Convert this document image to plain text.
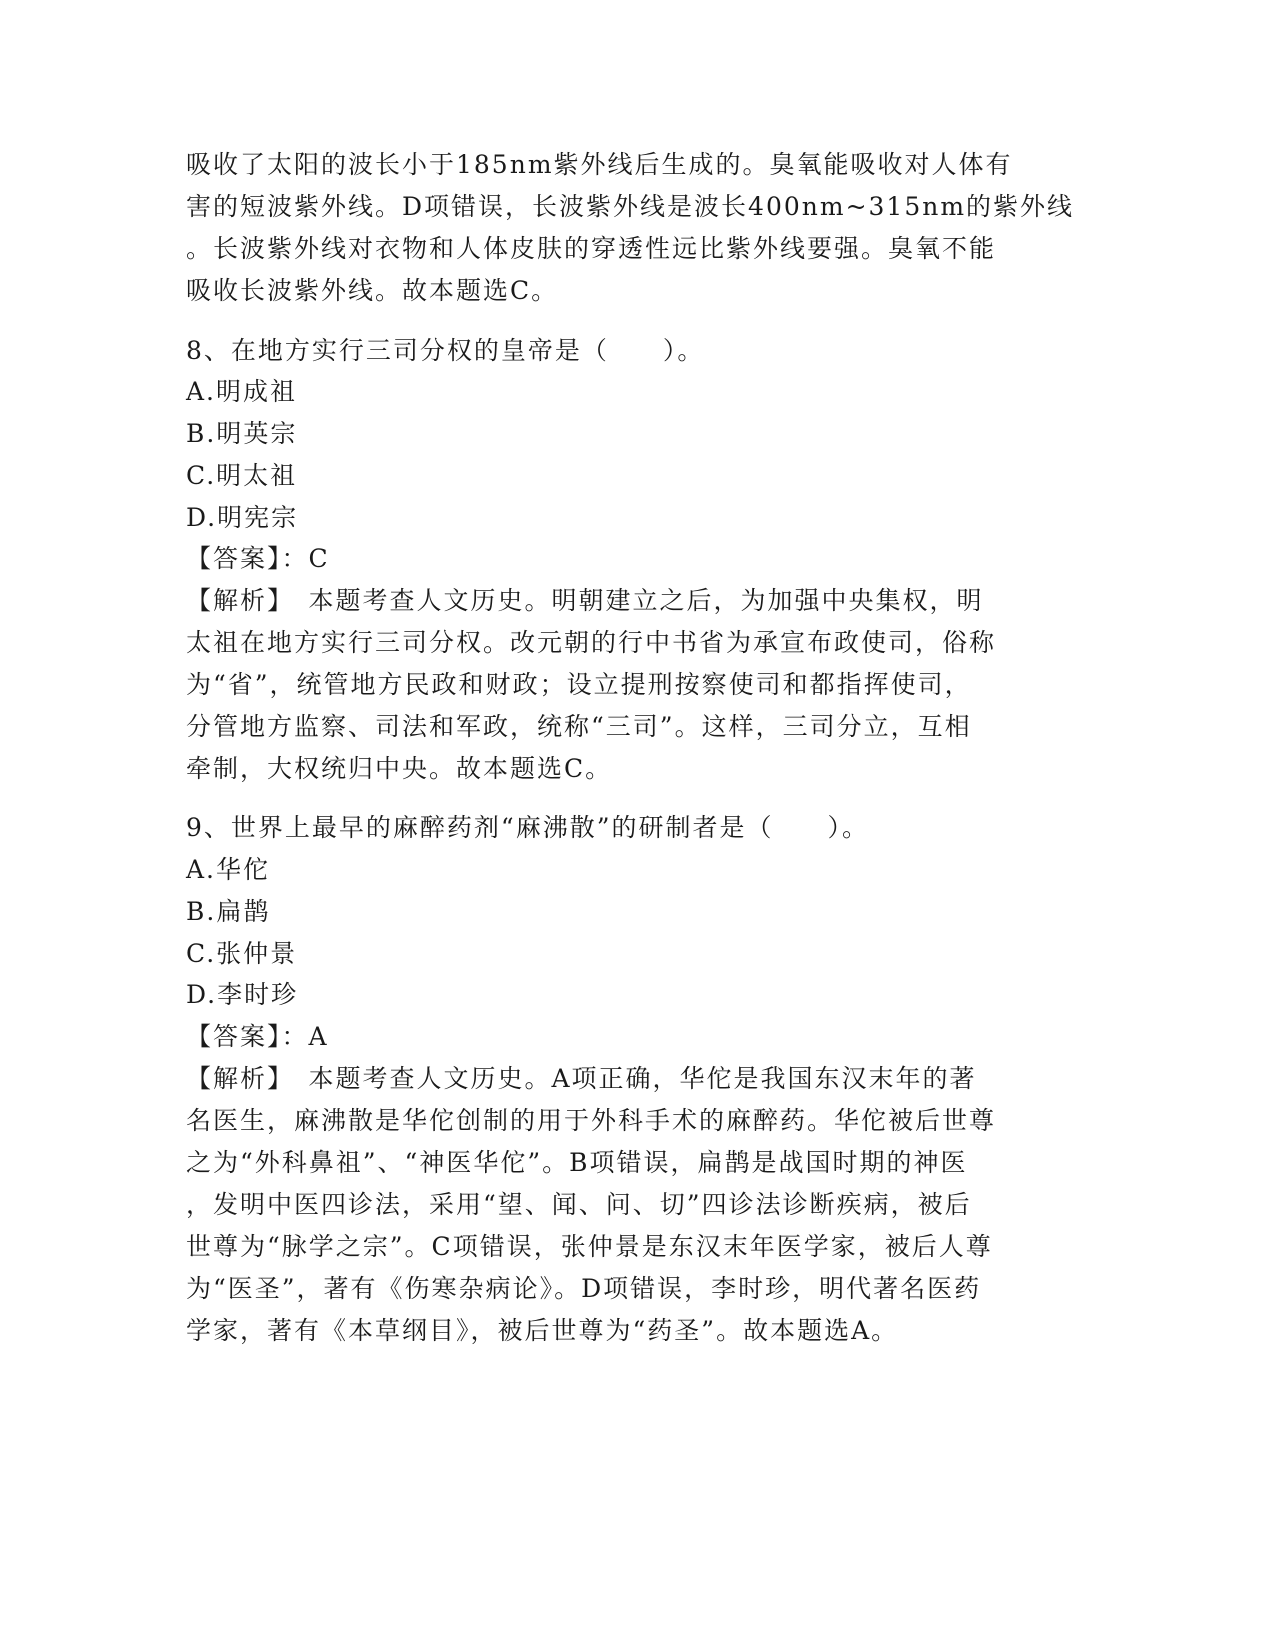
吸收了太阳的波长小于185nm紫外线后生成的。臭氧能吸收对人体有
害的短波紫外线。D项错误，长波紫外线是波长400nm~315nm的紫外线
。长波紫外线对衣物和人体皮肤的穿透性远比紫外线要强。臭氧不能
吸收长波紫外线。故本题选C。
8、在地方实行三司分权的皇帝是（　　）。
A.明成祖
B.明英宗
C.明太祖
D.明宪宗
【答案】：C
【解析】　本题考查人文历史。明朝建立之后，为加强中央集权，明
太祖在地方实行三司分权。改元朝的行中书省为承宣布政使司，俗称
为“省”，统管地方民政和财政；设立提刑按察使司和都指挥使司，
分管地方监察、司法和军政，统称“三司”。这样，三司分立，互相
牵制，大权统归中央。故本题选C。
9、世界上最早的麻醉药剂“麻沸散”的研制者是（　　）。
A.华佗
B.扁鹊
C.张仲景
D.李时珍
【答案】：A
【解析】　本题考查人文历史。A项正确，华佗是我国东汉末年的著
名医生，麻沸散是华佗创制的用于外科手术的麻醉药。华佗被后世尊
之为“外科鼻祖”、“神医华佗”。B项错误，扁鹊是战国时期的神医
，发明中医四诊法，采用“望、闻、问、切”四诊法诊断疾病，被后
世尊为“脉学之宗”。C项错误，张仲景是东汉末年医学家，被后人尊
为“医圣”，著有《伤寒杂病论》。D项错误，李时珍，明代著名医药
学家，著有《本草纲目》，被后世尊为“药圣”。故本题选A。
